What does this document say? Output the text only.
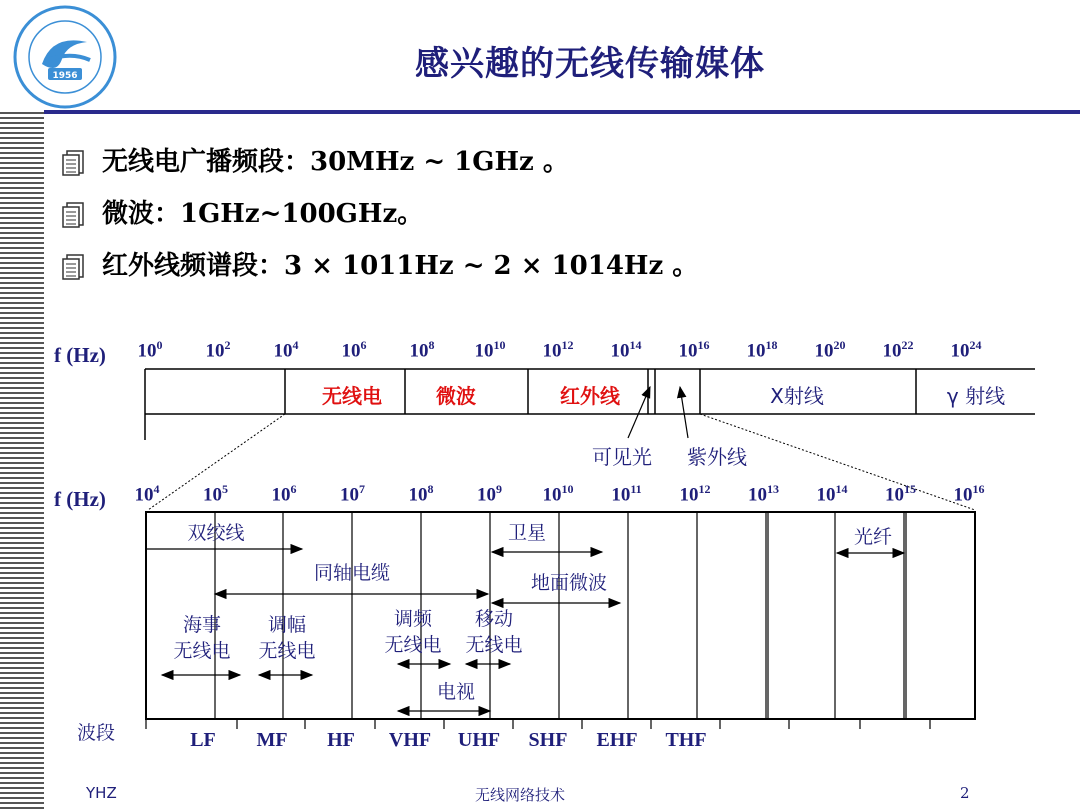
1956	感兴趣的无线传输媒体
无线电广播频段：30MHz ~ 1GHz 。
微波：1GHz~100GHz。
红外线频谱段：3 × 1011Hz ~ 2 × 1014Hz 。
f (Hz) $10^0$ $10^2$ $10^4$ $10^6$ $10^8$ $10^{10}$ $10^{12}$ $10^{14}$ $10^{16}$ $10^{18}$ $10^{20}$ $10^{22}$ $10^{24}$
无线电	微波	红外线	X射线	γ 射线
可见光 紫外线
f (Hz) $10^4$ $10^5$ $10^6$ $10^7$ $10^8$ $10^9$ $10^{10}$ $10^{11}$ $10^{12}$ $10^{13}$ $10^{14}$ $10^{15}$ $10^{16}$
双绞线
同轴电缆
卫星
地面微波
光纤
海事
无线电
调幅
无线电
调频
无线电
移动
无线电
电视
波段	LF MF HF VHF UHF SHF EHF THF
YHZ	无线网络技术	2
